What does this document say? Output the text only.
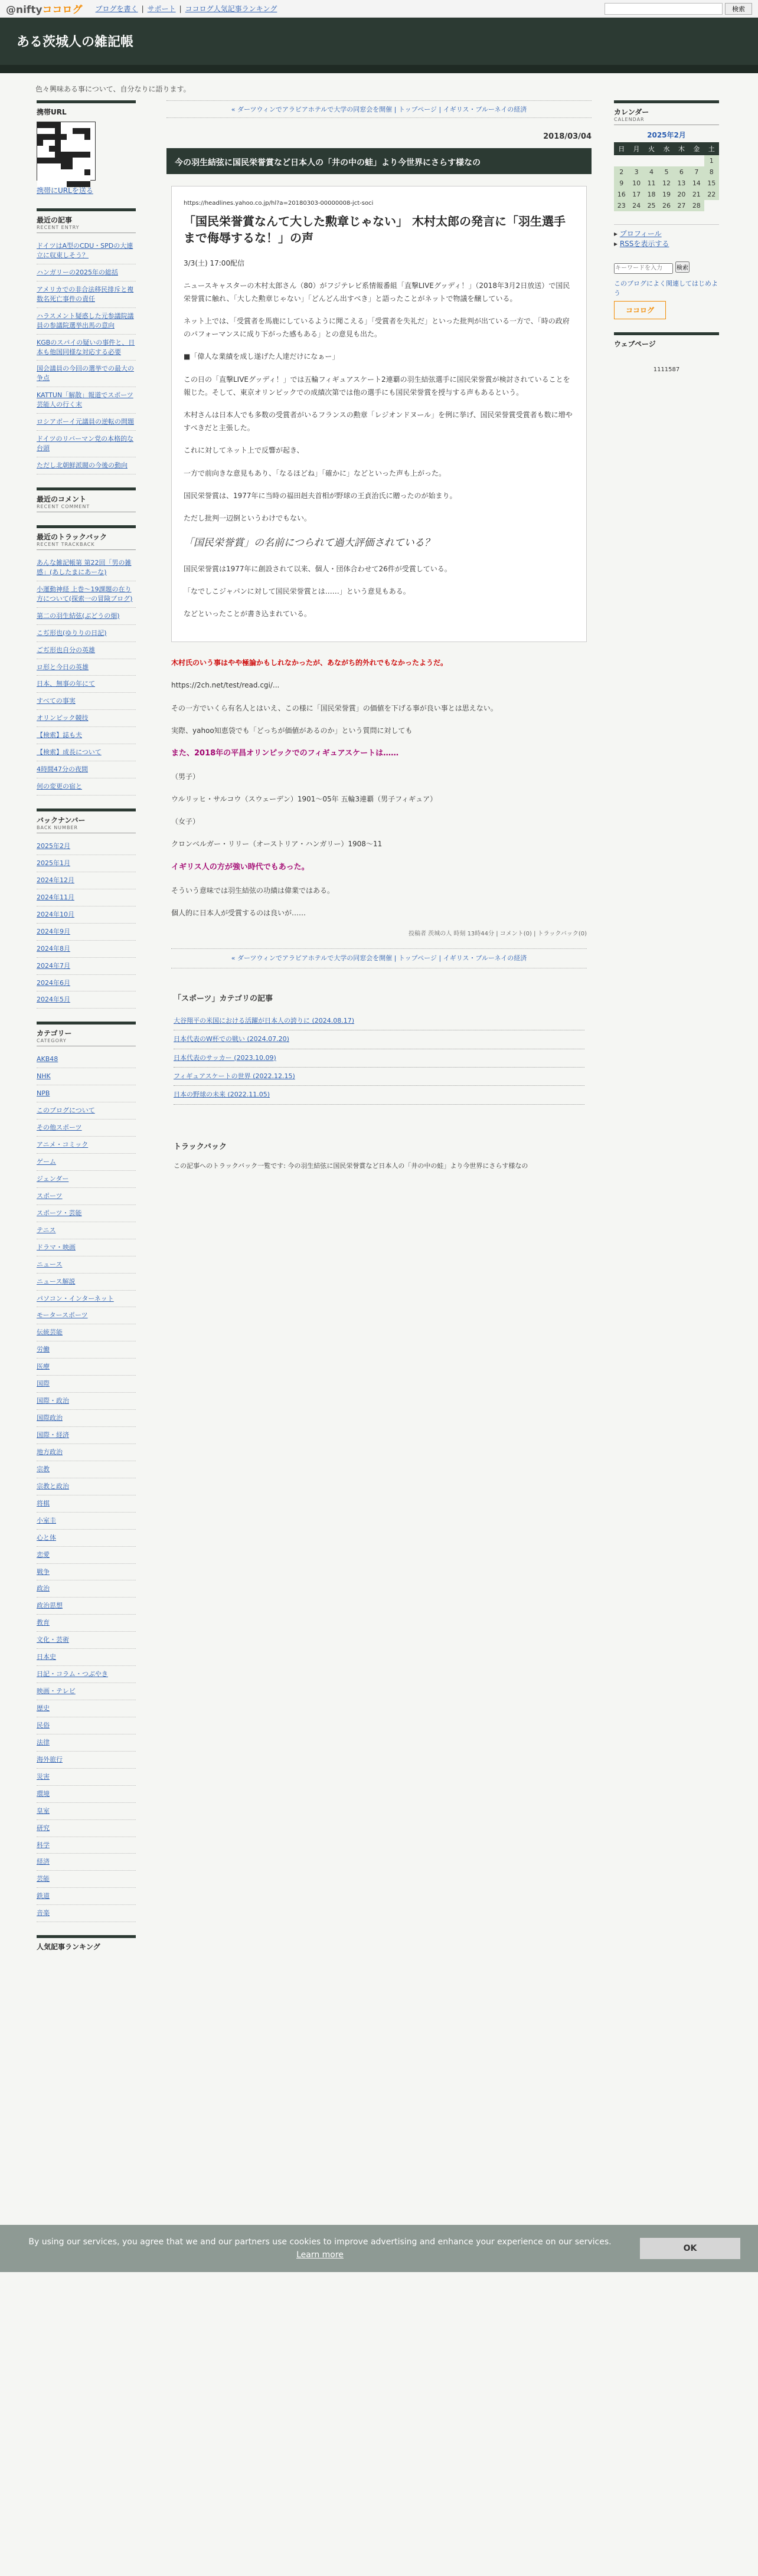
@niftyココログ ブログを書く | サポート | ココログ人気記事ランキング	検索
ある茨城人の雑記帳
色々興味ある事について、自分なりに語ります。
携帯URL
携帯にURLを送る
最近の記事
RECENT ENTRY
ドイツはA型のCDU・SPDの大連立に収束しそう？
ハンガリーの2025年の総括
アメリカでの非合法移民排斥と複数名死亡事件の責任
ハラスメント疑惑した元参議院議員の参議院選挙出馬の意向
KGBのスパイの疑いの事件と、日本も他国同様な対応する必要
国会議員の今回の選挙での最大の争点
KATTUN「解散」報道でスポーツ芸能人の行く末
ロシアボーイ元議員の逆転の問題
ドイツのリバーマン党の本格的な台頭
ただし北朝鮮派閥の今後の動向
最近のコメント
RECENT COMMENT
最近のトラックバック
RECENT TRACKBACK
あんな雑記帳第 第22回「男の雑感」(あしたまにあーな)
小運動神経 上巻～19課題の在り方について(探索一の冒険ブログ)
第二の羽生結弦(ぶどうの畑)
こぢ形也(ゆりりの日記)
ごぢ形也自分の英雄
ロ形と今日の英雄
日本、無事の年にて
すべての事実
オリンピック競技
【検索】誌も夫
【検索】成長について
4時間47分の夜間
何の変更の宿と
バックナンバー
BACK NUMBER
2025年2月
2025年1月
2024年12月
2024年11月
2024年10月
2024年9月
2024年8月
2024年7月
2024年6月
2024年5月
カテゴリー
CATEGORY
AKB48
NHK
NPB
このブログについて
その他スポーツ
アニメ・コミック
ゲーム
ジェンダー
スポーツ
スポーツ・芸能
テニス
ドラマ・映画
ニュース
ニュース解説
パソコン・インターネット
モータースポーツ
伝統芸能
労働
医療
国際
国際・政治
国際政治
国際・経済
地方政治
宗教
宗教と政治
将棋
小室圭
心と体
恋愛
戦争
政治
政治思想
教育
文化・芸術
日本史
日記・コラム・つぶやき
映画・テレビ
歴史
民俗
法律
海外旅行
災害
環境
皇室
研究
科学
経済
芸能
鉄道
音楽
人気記事ランキング
« ダーツウィンでアラビアホテルで大学の同窓会を開催 | トップページ | イギリス・ブルーネイの経済
2018/03/04
今の羽生結弦に国民栄誉賞など日本人の「井の中の蛙」より今世界にさらす様なの

https://headlines.yahoo.co.jp/hl?a=20180303-00000008-jct-soci

「国民栄誉賞なんて大した勲章じゃない」 木村太郎の発言に「羽生選手まで侮辱するな！」の声

3/3(土) 17:00配信

ニュースキャスターの木村太郎さん（80）がフジテレビ系情報番組「直撃LIVEグッディ！」（2018年3月2日放送）で国民栄誉賞に触れ、「大した勲章じゃない」「どんどん出すべき」と語ったことがネットで物議を醸している。

ネット上では、「受賞者を馬鹿にしているように聞こえる」「受賞者を失礼だ」といった批判が出ている一方で、「時の政府のパフォーマンスに成り下がった感もある」との意見も出た。

■「偉人な業績を成し遂げた人達だけになぁー」

この日の「直撃LIVEグッディ！」では五輪フィギュアスケート2連覇の羽生結弦選手に国民栄誉賞が検討されていることを報じた。そして、東京オリンピックでの成績次第では他の選手にも国民栄誉賞を授与する声もあるという。

木村さんは日本人でも多数の受賞者がいるフランスの勲章「レジオンドヌール」を例に挙げ、国民栄誉賞受賞者も数に増やすべきだと主張した。

これに対してネット上で反響が起き、

一方で前向きな意見もあり、「なるほどね」「確かに」などといった声も上がった。

国民栄誉賞は、1977年に当時の福田赳夫首相が野球の王貞治氏に贈ったのが始まり。

ただし批判一辺倒というわけでもない。

「国民栄誉賞」の名前につられて過大評価されている？

国民栄誉賞は1977年に創設されて以来、個人・団体合わせて26件が受賞している。

「なでしこジャパンに対して国民栄誉賞とは……」という意見もある。

などといったことが書き込まれている。

木村氏のいう事はやや極論かもしれなかったが、あながち的外れでもなかったようだ。

https://2ch.net/test/read.cgi/...

その一方でいくら有名人とはいえ、この様に「国民栄誉賞」の価値を下げる事が良い事とは思えない。

実際、yahoo知恵袋でも「どっちが価値があるのか」という質問に対しても

また、2018年の平昌オリンピックでのフィギュアスケートは……

（男子）

ウルリッヒ・サルコウ（スウェーデン）1901～05年 五輪3連覇（男子フィギュア）

（女子）

クロンベルガー・リリー（オーストリア・ハンガリー）1908～11

イギリス人の方が強い時代でもあった。

そういう意味では羽生結弦の功績は偉業ではある。

個人的に日本人が受賞するのは良いが……

投稿者 茨城の人 時刻 13時44分 | コメント(0) | トラックバック(0)
« ダーツウィンでアラビアホテルで大学の同窓会を開催 | トップページ | イギリス・ブルーネイの経済
「スポーツ」カテゴリの記事
大谷翔平の米国における活躍が日本人の誇りに (2024.08.17)
日本代表のW杯での戦い (2024.07.20)
日本代表のサッカー (2023.10.09)
フィギュアスケートの世界 (2022.12.15)
日本の野球の未来 (2022.11.05)
トラックバック

この記事へのトラックバック一覧です: 今の羽生結弦に国民栄誉賞など日本人の「井の中の蛙」より今世界にさらす様なの

カレンダー
CALENDAR
2025年2月
日	月	火	水	木	金	土
						1
2	3	4	5	6	7	8
9	10	11	12	13	14	15
16	17	18	19	20	21	22
23	24	25	26	27	28	
▸ プロフィール
▸ RSSを表示する
キーワードを入力 検索
このブログによく関連してはじめよう
ココログ
ウェブページ
1111587
By using our services, you agree that we and our partners use cookies to improve advertising and enhance your experience on our services. Learn more
OK
